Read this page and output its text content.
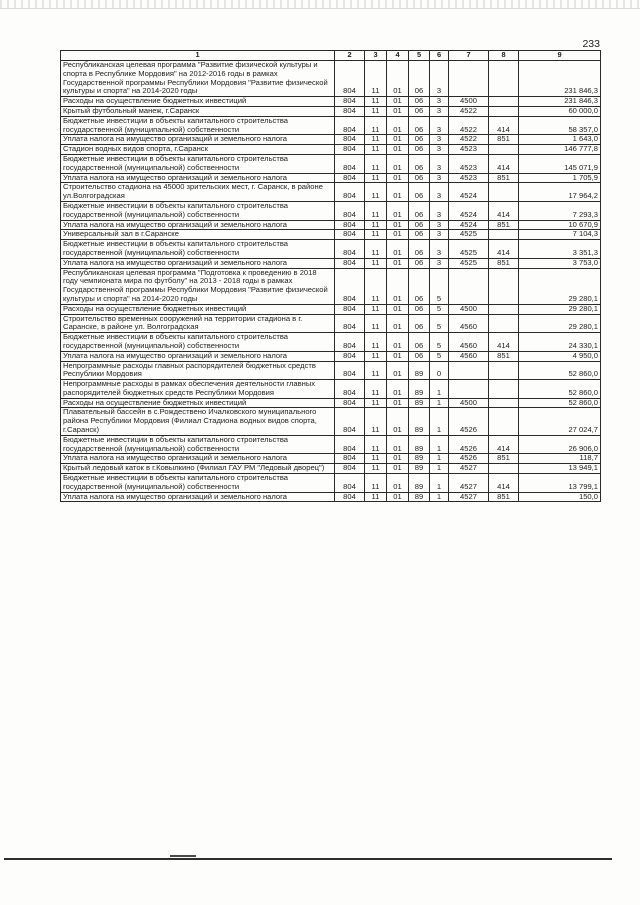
233
1	2	3	4	5	6	7	8	9
Республиканская целевая программа "Развитие физической культуры и спорта в Республике Мордовия" на 2012-2016 годы в рамках Государственной программы Республики Мордовия "Развитие физической культуры и спорта" на 2014-2020 годы	804	11	01	06	3			231 846,3
Расходы на осуществление бюджетных инвестиций	804	11	01	06	3	4500		231 846,3
Крытый футбольный манеж, г.Саранск	804	11	01	06	3	4522		60 000,0
Бюджетные инвестиции в объекты капитального строительства государственной (муниципальной) собственности	804	11	01	06	3	4522	414	58 357,0
Уплата налога на имущество организаций и земельного налога	804	11	01	06	3	4522	851	1 643,0
Стадион водных видов спорта, г.Саранск	804	11	01	06	3	4523		146 777,8
Бюджетные инвестиции в объекты капитального строительства государственной (муниципальной) собственности	804	11	01	06	3	4523	414	145 071,9
Уплата налога на имущество организаций и земельного налога	804	11	01	06	3	4523	851	1 705,9
Строительство стадиона на 45000 зрительских мест, г. Саранск, в районе ул.Волгоградская	804	11	01	06	3	4524		17 964,2
Бюджетные инвестиции в объекты капитального строительства государственной (муниципальной) собственности	804	11	01	06	3	4524	414	7 293,3
Уплата налога на имущество организаций и земельного налога	804	11	01	06	3	4524	851	10 670,9
Универсальный зал в г.Саранске	804	11	01	06	3	4525		7 104,3
Бюджетные инвестиции в объекты капитального строительства государственной (муниципальной) собственности	804	11	01	06	3	4525	414	3 351,3
Уплата налога на имущество организаций и земельного налога	804	11	01	06	3	4525	851	3 753,0
Республиканская целевая программа "Подготовка к проведению в 2018 году чемпионата мира по футболу" на 2013 - 2018 годы в рамках Государственной программы Республики Мордовия "Развитие физической культуры и спорта" на 2014-2020 годы	804	11	01	06	5			29 280,1
Расходы на осуществление бюджетных инвестиций	804	11	01	06	5	4500		29 280,1
Строительство временных сооружений на территории стадиона в г. Саранске, в районе ул. Волгоградская	804	11	01	06	5	4560		29 280,1
Бюджетные инвестиции в объекты капитального строительства государственной (муниципальной) собственности	804	11	01	06	5	4560	414	24 330,1
Уплата налога на имущество организаций и земельного налога	804	11	01	06	5	4560	851	4 950,0
Непрограммные расходы главных распорядителей бюджетных средств Республики Мордовия	804	11	01	89	0			52 860,0
Непрограммные расходы в рамках обеспечения деятельности главных распорядителей бюджетных средств Республики Мордовия	804	11	01	89	1			52 860,0
Расходы на осуществление бюджетных инвестиций	804	11	01	89	1	4500		52 860,0
Плавательный бассейн в с.Рождествено Ичалковского муниципального района Республики Мордовия (Филиал Стадиона водных видов спорта, г.Саранск)	804	11	01	89	1	4526		27 024,7
Бюджетные инвестиции в объекты капитального строительства государственной (муниципальной) собственности	804	11	01	89	1	4526	414	26 906,0
Уплата налога на имущество организаций и земельного налога	804	11	01	89	1	4526	851	118,7
Крытый ледовый каток в г.Ковылкино (Филиал ГАУ РМ "Ледовый дворец")	804	11	01	89	1	4527		13 949,1
Бюджетные инвестиции в объекты капитального строительства государственной (муниципальной) собственности	804	11	01	89	1	4527	414	13 799,1
Уплата налога на имущество организаций и земельного налога	804	11	01	89	1	4527	851	150,0
